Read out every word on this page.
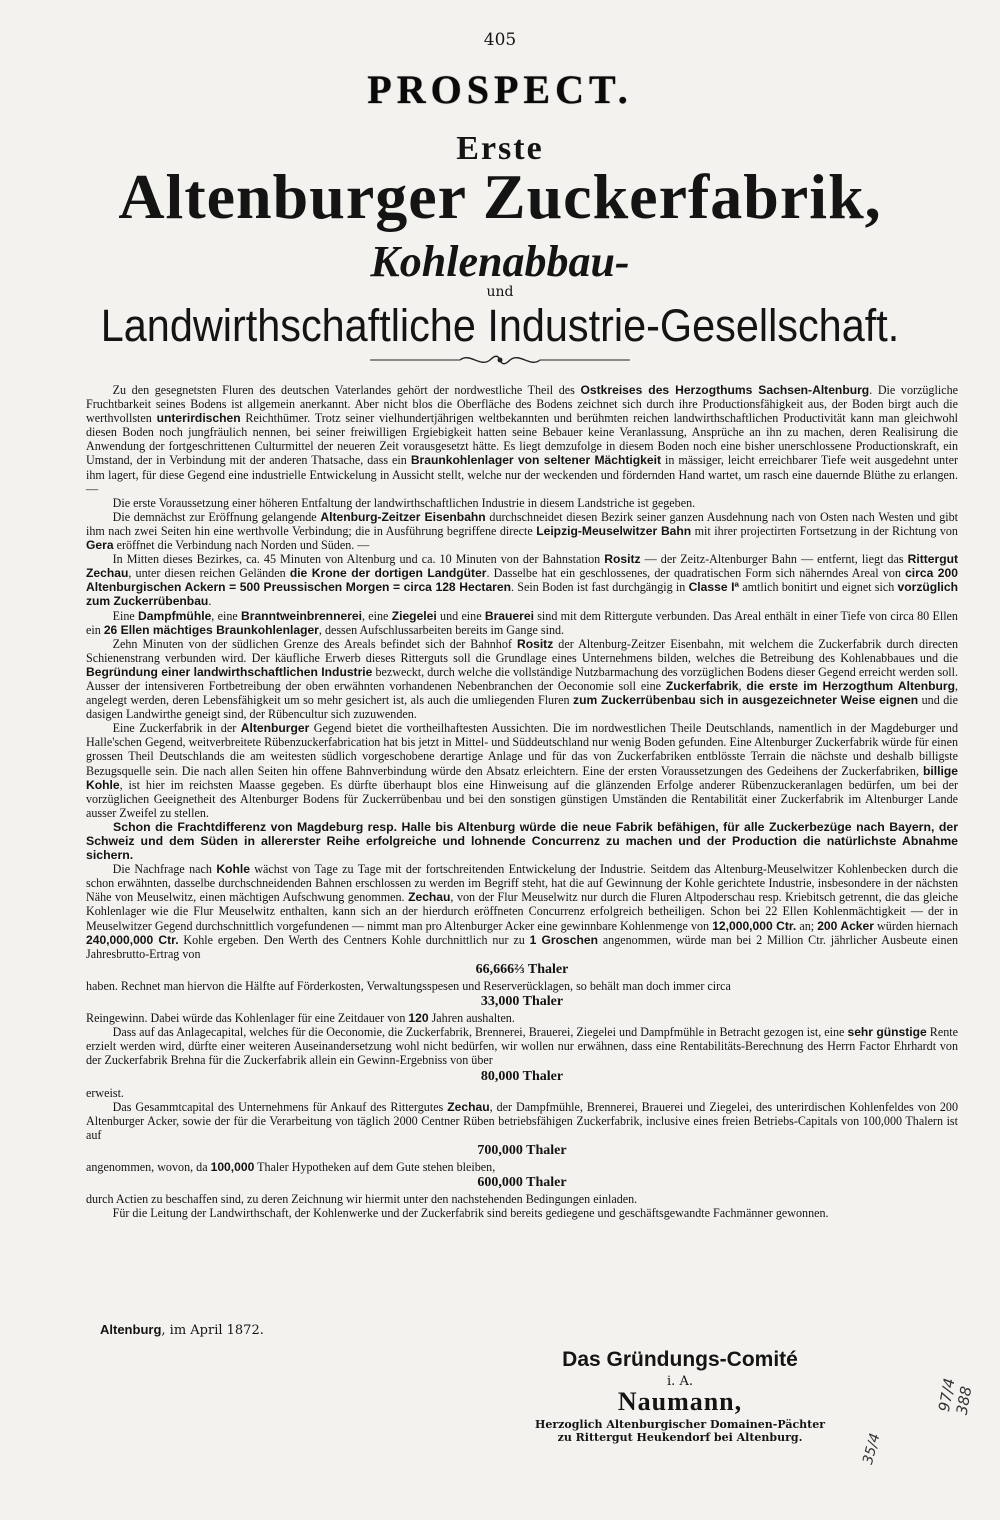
405
PROSPECT.
Erste
Altenburger Zuckerfabrik,
Kohlenabbau-
und
Landwirthschaftliche Industrie-Gesellschaft.

Zu den gesegnetsten Fluren des deutschen Vaterlandes gehört der nordwestliche Theil des Ostkreises des Herzogthums Sachsen-Altenburg. Die vorzügliche Fruchtbarkeit seines Bodens ist allgemein anerkannt. Aber nicht blos die Oberfläche des Bodens zeichnet sich durch ihre Productionsfähigkeit aus, der Boden birgt auch die werthvollsten unterirdischen Reichthümer. Trotz seiner vielhundertjährigen weltbekannten und berühmten reichen landwirthschaftlichen Productivität kann man gleichwohl diesen Boden noch jungfräulich nennen, bei seiner freiwilligen Ergiebigkeit hatten seine Bebauer keine Veranlassung, Ansprüche an ihn zu machen, deren Realisirung die Anwendung der fortgeschrittenen Culturmittel der neueren Zeit vorausgesetzt hätte. Es liegt demzufolge in diesem Boden noch eine bisher unerschlossene Productionskraft, ein Umstand, der in Verbindung mit der anderen Thatsache, dass ein Braunkohlenlager von seltener Mächtigkeit in mässiger, leicht erreichbarer Tiefe weit ausgedehnt unter ihm lagert, für diese Gegend eine industrielle Entwickelung in Aussicht stellt, welche nur der weckenden und fördernden Hand wartet, um rasch eine dauernde Blüthe zu erlangen. —

Die erste Voraussetzung einer höheren Entfaltung der landwirthschaftlichen Industrie in diesem Landstriche ist gegeben.

Die demnächst zur Eröffnung gelangende Altenburg-Zeitzer Eisenbahn durchschneidet diesen Bezirk seiner ganzen Ausdehnung nach von Osten nach Westen und gibt ihm nach zwei Seiten hin eine werthvolle Verbindung; die in Ausführung begriffene directe Leipzig-Meuselwitzer Bahn mit ihrer projectirten Fortsetzung in der Richtung von Gera eröffnet die Verbindung nach Norden und Süden. —

In Mitten dieses Bezirkes, ca. 45 Minuten von Altenburg und ca. 10 Minuten von der Bahnstation Rositz — der Zeitz-Altenburger Bahn — entfernt, liegt das Rittergut Zechau, unter diesen reichen Geländen die Krone der dortigen Landgüter. Dasselbe hat ein geschlossenes, der quadratischen Form sich näherndes Areal von circa 200 Altenburgischen Ackern = 500 Preussischen Morgen = circa 128 Hectaren. Sein Boden ist fast durchgängig in Classe Iª amtlich bonitirt und eignet sich vorzüglich zum Zuckerrübenbau.

Eine Dampfmühle, eine Branntweinbrennerei, eine Ziegelei und eine Brauerei sind mit dem Rittergute verbunden. Das Areal enthält in einer Tiefe von circa 80 Ellen ein 26 Ellen mächtiges Braunkohlenlager, dessen Aufschlussarbeiten bereits im Gange sind.

Zehn Minuten von der südlichen Grenze des Areals befindet sich der Bahnhof Rositz der Altenburg-Zeitzer Eisenbahn, mit welchem die Zuckerfabrik durch directen Schienenstrang verbunden wird. Der käufliche Erwerb dieses Ritterguts soll die Grundlage eines Unternehmens bilden, welches die Betreibung des Kohlenabbaues und die Begründung einer landwirthschaftlichen Industrie bezweckt, durch welche die vollständige Nutzbarmachung des vorzüglichen Bodens dieser Gegend erreicht werden soll. Ausser der intensiveren Fortbetreibung der oben erwähnten vorhandenen Nebenbranchen der Oeconomie soll eine Zuckerfabrik, die erste im Herzogthum Altenburg, angelegt werden, deren Lebensfähigkeit um so mehr gesichert ist, als auch die umliegenden Fluren zum Zuckerrübenbau sich in ausgezeichneter Weise eignen und die dasigen Landwirthe geneigt sind, der Rübencultur sich zuzuwenden.

Eine Zuckerfabrik in der Altenburger Gegend bietet die vortheilhaftesten Aussichten. Die im nordwestlichen Theile Deutschlands, namentlich in der Magdeburger und Halle'schen Gegend, weitverbreitete Rübenzuckerfabrication hat bis jetzt in Mittel- und Süddeutschland nur wenig Boden gefunden. Eine Altenburger Zuckerfabrik würde für einen grossen Theil Deutschlands die am weitesten südlich vorgeschobene derartige Anlage und für das von Zuckerfabriken entblösste Terrain die nächste und deshalb billigste Bezugsquelle sein. Die nach allen Seiten hin offene Bahnverbindung würde den Absatz erleichtern. Eine der ersten Voraussetzungen des Gedeihens der Zuckerfabriken, billige Kohle, ist hier im reichsten Maasse gegeben. Es dürfte überhaupt blos eine Hinweisung auf die glänzenden Erfolge anderer Rübenzuckeranlagen bedürfen, um bei der vorzüglichen Geeignetheit des Altenburger Bodens für Zuckerrübenbau und bei den sonstigen günstigen Umständen die Rentabilität einer Zuckerfabrik im Altenburger Lande ausser Zweifel zu stellen.

Schon die Frachtdifferenz von Magdeburg resp. Halle bis Altenburg würde die neue Fabrik befähigen, für alle Zuckerbezüge nach Bayern, der Schweiz und dem Süden in allererster Reihe erfolgreiche und lohnende Concurrenz zu machen und der Production die natürlichste Abnahme sichern.

Die Nachfrage nach Kohle wächst von Tage zu Tage mit der fortschreitenden Entwickelung der Industrie. Seitdem das Altenburg-Meuselwitzer Kohlenbecken durch die schon erwähnten, dasselbe durchschneidenden Bahnen erschlossen zu werden im Begriff steht, hat die auf Gewinnung der Kohle gerichtete Industrie, insbesondere in der nächsten Nähe von Meuselwitz, einen mächtigen Aufschwung genommen. Zechau, von der Flur Meuselwitz nur durch die Fluren Altpoderschau resp. Kriebitsch getrennt, die das gleiche Kohlenlager wie die Flur Meuselwitz enthalten, kann sich an der hierdurch eröffneten Concurrenz erfolgreich betheiligen. Schon bei 22 Ellen Kohlenmächtigkeit — der in Meuselwitzer Gegend durchschnittlich vorgefundenen — nimmt man pro Altenburger Acker eine gewinnbare Kohlenmenge von 12,000,000 Ctr. an; 200 Acker würden hiernach 240,000,000 Ctr. Kohle ergeben. Den Werth des Centners Kohle durchnittlich nur zu 1 Groschen angenommen, würde man bei 2 Million Ctr. jährlicher Ausbeute einen Jahresbrutto-Ertrag von

66,666⅔ Thaler

haben. Rechnet man hiervon die Hälfte auf Förderkosten, Verwaltungsspesen und Reserverücklagen, so behält man doch immer circa

33,000 Thaler

Reingewinn. Dabei würde das Kohlenlager für eine Zeitdauer von 120 Jahren aushalten.

Dass auf das Anlagecapital, welches für die Oeconomie, die Zuckerfabrik, Brennerei, Brauerei, Ziegelei und Dampfmühle in Betracht gezogen ist, eine sehr günstige Rente erzielt werden wird, dürfte einer weiteren Auseinandersetzung wohl nicht bedürfen, wir wollen nur erwähnen, dass eine Rentabilitäts-Berechnung des Herrn Factor Ehrhardt von der Zuckerfabrik Brehna für die Zuckerfabrik allein ein Gewinn-Ergebniss von über

80,000 Thaler

erweist.

Das Gesammtcapital des Unternehmens für Ankauf des Rittergutes Zechau, der Dampfmühle, Brennerei, Brauerei und Ziegelei, des unterirdischen Kohlenfeldes von 200 Altenburger Acker, sowie der für die Verarbeitung von täglich 2000 Centner Rüben betriebsfähigen Zuckerfabrik, inclusive eines freien Betriebs-Capitals von 100,000 Thalern ist auf

700,000 Thaler

angenommen, wovon, da 100,000 Thaler Hypotheken auf dem Gute stehen bleiben,

600,000 Thaler

durch Actien zu beschaffen sind, zu deren Zeichnung wir hiermit unter den nachstehenden Bedingungen einladen.

Für die Leitung der Landwirthschaft, der Kohlenwerke und der Zuckerfabrik sind bereits gediegene und geschäftsgewandte Fachmänner gewonnen.

Altenburg, im April 1872.
Das Gründungs-Comité
i. A.
Naumann,
Herzoglich Altenburgischer Domainen-Pächter
zu Rittergut Heukendorf bei Altenburg.
97/4 388
35/4
